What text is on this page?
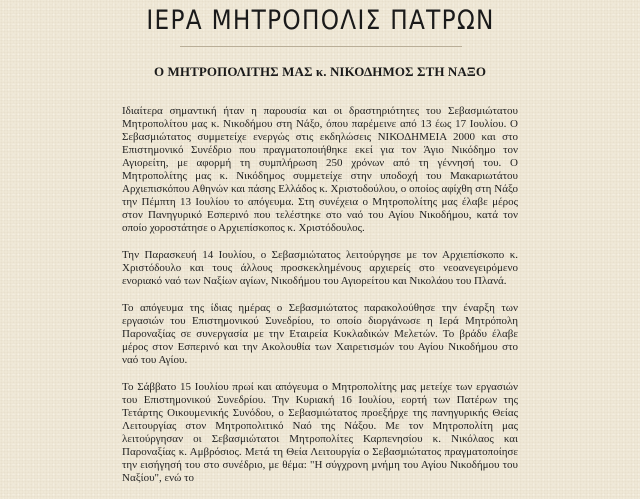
ΙΕΡΑ ΜΗΤΡΟΠΟΛΙΣ ΠΑΤΡΩΝ
Ο ΜΗΤΡΟΠΟΛΙΤΗΣ ΜΑΣ κ. ΝΙΚΟΔΗΜΟΣ ΣΤΗ ΝΑΞΟ

Ιδιαίτερα σημαντική ήταν η παρουσία και οι δραστηριότητες του Σεβασμιώτατου Μητροπολίτου μας κ. Νικοδήμου στη Νάξο, όπου παρέμεινε από 13 έως 17 Ιουλίου. Ο Σεβασμιώτατος συμμετείχε ενεργώς στις εκδηλώσεις ΝΙΚΟΔΗΜΕΙΑ 2000 και στο Επιστημονικό Συνέδριο που πραγματοποιήθηκε εκεί για τον Άγιο Νικόδημο τον Αγιορείτη, με αφορμή τη συμπλήρωση 250 χρόνων από τη γέννησή του. Ο Μητροπολίτης μας κ. Νικόδημος συμμετείχε στην υποδοχή του Μακαριωτάτου Αρχιεπισκόπου Αθηνών και πάσης Ελλάδος κ. Χριστοδούλου, ο οποίος αφίχθη στη Νάξο την Πέμπτη 13 Ιουλίου το απόγευμα. Στη συνέχεια ο Μητροπολίτης μας έλαβε μέρος στον Πανηγυρικό Εσπερινό που τελέστηκε στο ναό του Αγίου Νικοδήμου, κατά τον οποίο χοροστάτησε ο Αρχιεπίσκοπος κ. Χριστόδουλος.

Την Παρασκευή 14 Ιουλίου, ο Σεβασμιώτατος λειτούργησε με τον Αρχιεπίσκοπο κ. Χριστόδουλο και τους άλλους προσκεκλημένους αρχιερείς στο νεοανεγειρόμενο ενοριακό ναό των Ναξίων αγίων, Νικοδήμου του Αγιορείτου και Νικολάου του Πλανά.

Το απόγευμα της ίδιας ημέρας ο Σεβασμιώτατος παρακολούθησε την έναρξη των εργασιών του Επιστημονικού Συνεδρίου, το οποίο διοργάνωσε η Ιερά Μητρόπολη Παροναξίας σε συνεργασία με την Εταιρεία Κυκλαδικών Μελετών. Το βράδυ έλαβε μέρος στον Εσπερινό και την Ακολουθία των Χαιρετισμών του Αγίου Νικοδήμου στο ναό του Αγίου.

Το Σάββατο 15 Ιουλίου πρωί και απόγευμα ο Μητροπολίτης μας μετείχε των εργασιών του Επιστημονικού Συνεδρίου. Την Κυριακή 16 Ιουλίου, εορτή των Πατέρων της Τετάρτης Οικουμενικής Συνόδου, ο Σεβασμιώτατος προεξήρχε της πανηγυρικής Θείας Λειτουργίας στον Μητροπολιτικό Ναό της Νάξου. Με τον Μητροπολίτη μας λειτούργησαν οι Σεβασμιώτατοι Μητροπολίτες Καρπενησίου κ. Νικόλαος και Παροναξίας κ. Αμβρόσιος. Μετά τη Θεία Λειτουργία ο Σεβασμιώτατος πραγματοποίησε την εισήγησή του στο συνέδριο, με θέμα: "Η σύγχρονη μνήμη του Αγίου Νικοδήμου του Ναξίου", ενώ το
